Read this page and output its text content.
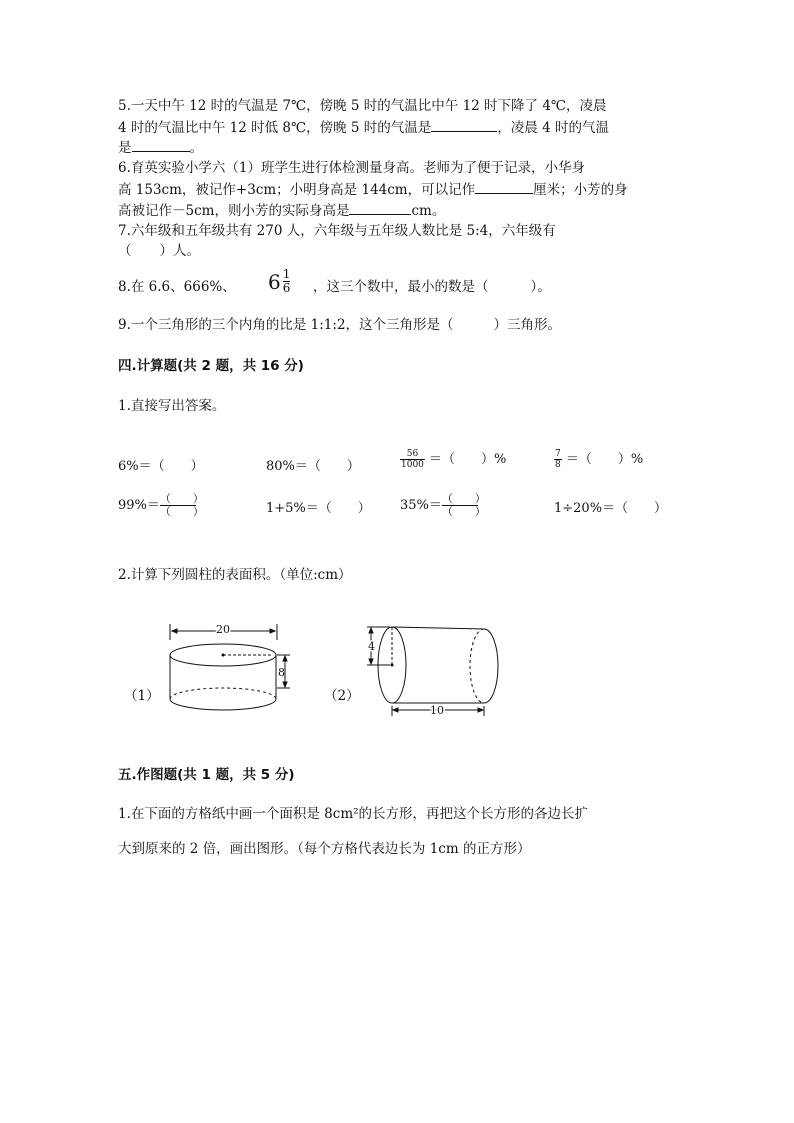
5.一天中午 12 时的气温是 7℃，傍晚 5 时的气温比中午 12 时下降了 4℃，凌晨
4 时的气温比中午 12 时低 8℃，傍晚 5 时的气温是	，凌晨 4 时的气温
是	。
6.育英实验小学六（1）班学生进行体检测量身高。老师为了便于记录，小华身
高 153cm，被记作+3cm；小明身高是 144cm，可以记作	厘米；小芳的身
高被记作－5cm，则小芳的实际身高是	cm。
7.六年级和五年级共有 270 人，六年级与五年级人数比是 5:4，六年级有
（ ）人。
8.在 6.6、666%、 $6 \frac{1}{6}$ ，这三个数中，最小的数是（	）。
9.一个三角形的三个内角的比是 1:1:2，这个三角形是（	）三角形。
四.计算题(共 2 题，共 16 分)
1.直接写出答案。
6%＝（　　）	80%＝（　　）	$\frac{56}{1000}$ ＝（　　）%	$\frac{7}{8}$ ＝（　　）%
$99\%= \frac{( )}{( )}$	1+5%＝（　　） $35\%= \frac{( )}{( )}$	1÷20%＝（　　）
2.计算下列圆柱的表面积。（单位:cm）
（1）
20
8
（2）
4
10
五.作图题(共 1 题，共 5 分)
1.在下面的方格纸中画一个面积是 8cm²的长方形，再把这个长方形的各边长扩
大到原来的 2 倍，画出图形。（每个方格代表边长为 1cm 的正方形）
